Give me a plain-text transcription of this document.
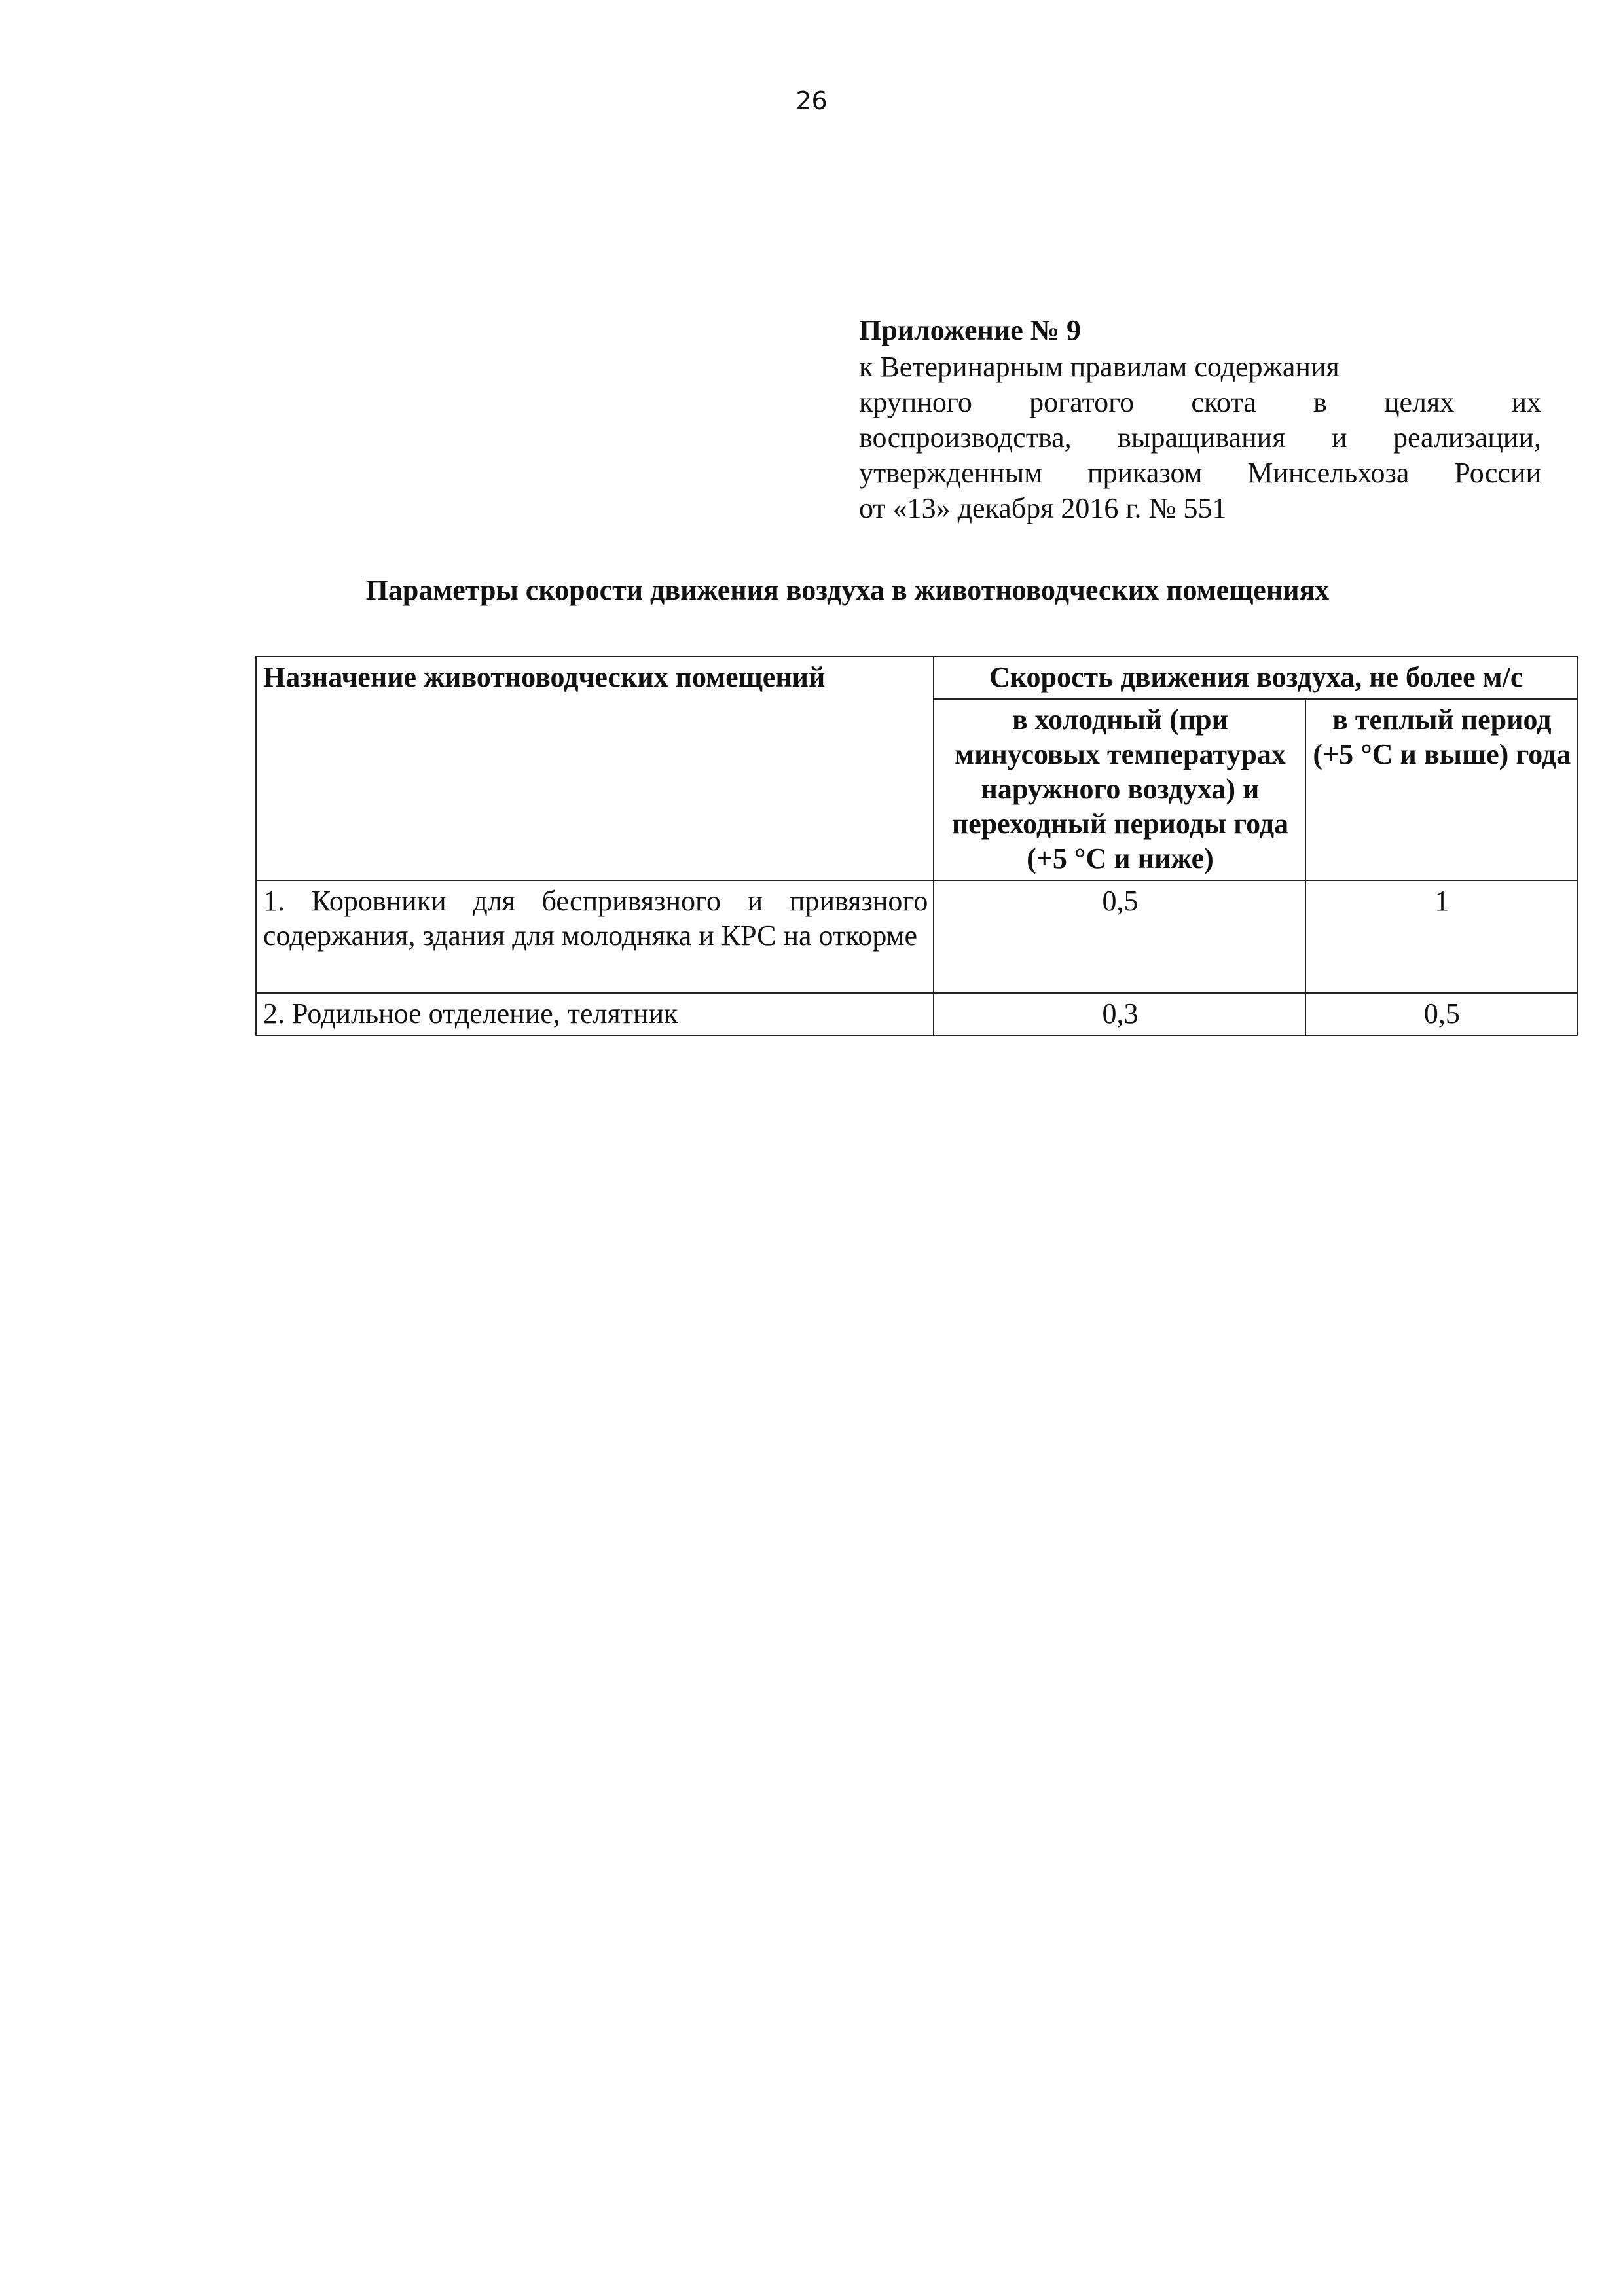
26
Приложение № 9
к Ветеринарным правилам содержания
крупного рогатого скота в целях их
воспроизводства, выращивания и реализации,
утвержденным приказом Минсельхоза России
от «13» декабря 2016 г. № 551
Параметры скорости движения воздуха в животноводческих помещениях
Назначение животноводческих помещений	Скорость движения воздуха, не более м/с	
	в холодный (при минусовых температурах наружного воздуха) и переходный периоды года (+5 °С и ниже)	в теплый период (+5 °С и выше) года
1. Коровники для беспривязного и привязного содержания, здания для молодняка и КРС на откорме	0,5	1
2. Родильное отделение, телятник	0,3	0,5
